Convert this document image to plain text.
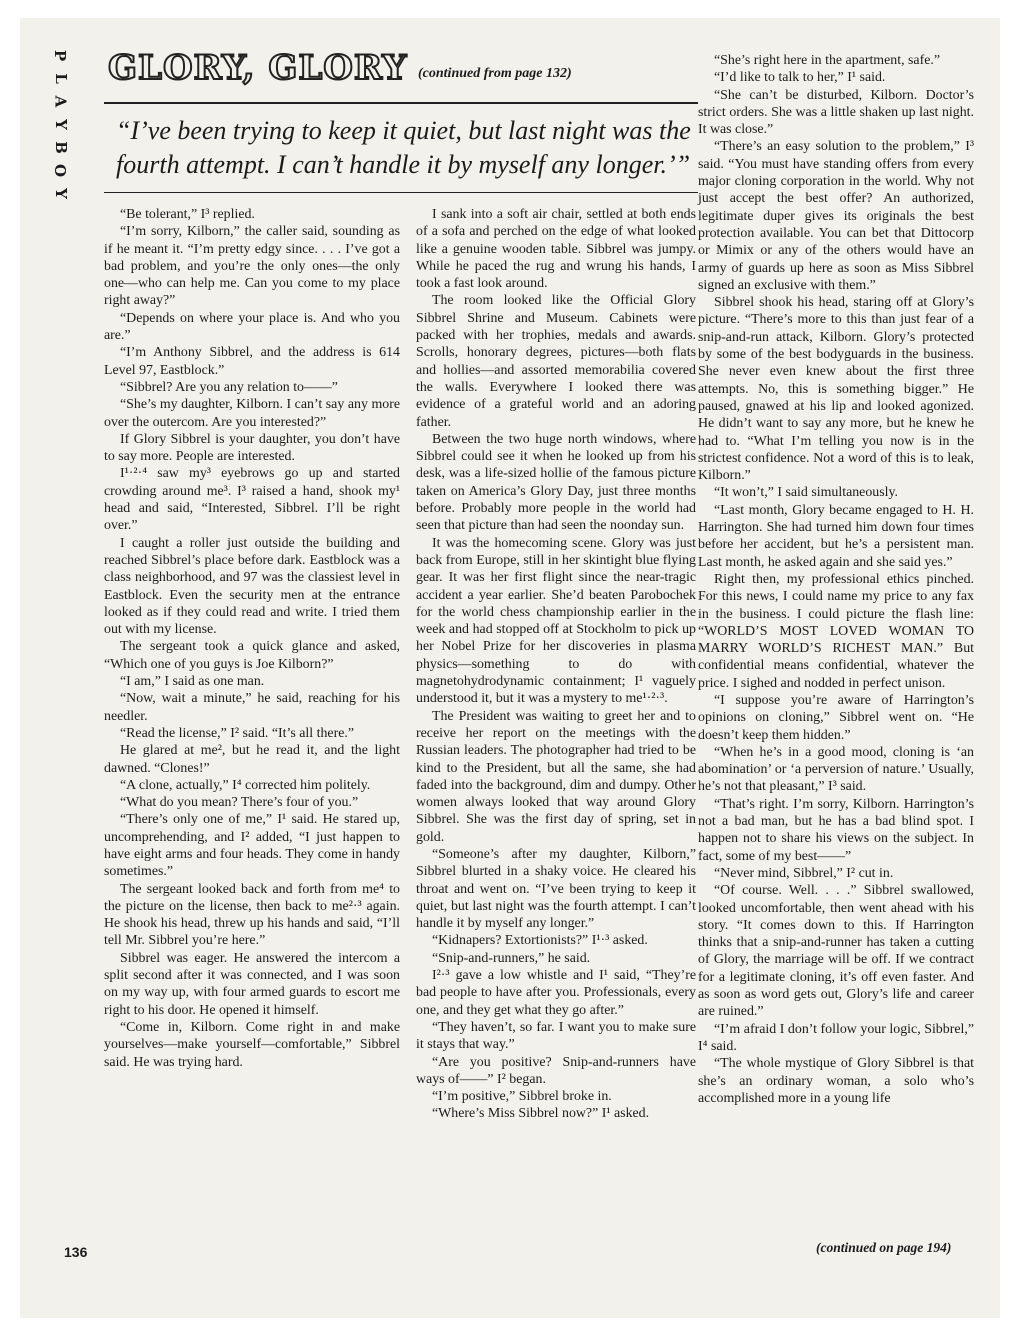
P
L
A
Y
B
O
Y
GLORY, GLORY (continued from page 132)
“I’ve been trying to keep it quiet, but last night was the fourth attempt. I can’t handle it by myself any longer.’”

“Be tolerant,” I³ replied.

“I’m sorry, Kilborn,” the caller said, sounding as if he meant it. “I’m pretty edgy since. . . . I’ve got a bad problem, and you’re the only ones—the only one—who can help me. Can you come to my place right away?”

“Depends on where your place is. And who you are.”

“I’m Anthony Sibbrel, and the address is 614 Level 97, Eastblock.”

“Sibbrel? Are you any relation to——”

“She’s my daughter, Kilborn. I can’t say any more over the outercom. Are you interested?”

If Glory Sibbrel is your daughter, you don’t have to say more. People are interested.

I¹·²·⁴ saw my³ eyebrows go up and started crowding around me³. I³ raised a hand, shook my¹ head and said, “Interested, Sibbrel. I’ll be right over.”

I caught a roller just outside the building and reached Sibbrel’s place before dark. Eastblock was a class neighborhood, and 97 was the classiest level in Eastblock. Even the security men at the entrance looked as if they could read and write. I tried them out with my license.

The sergeant took a quick glance and asked, “Which one of you guys is Joe Kilborn?”

“I am,” I said as one man.

“Now, wait a minute,” he said, reaching for his needler.

“Read the license,” I² said. “It’s all there.”

He glared at me², but he read it, and the light dawned. “Clones!”

“A clone, actually,” I⁴ corrected him politely.

“What do you mean? There’s four of you.”

“There’s only one of me,” I¹ said. He stared up, uncomprehending, and I² added, “I just happen to have eight arms and four heads. They come in handy sometimes.”

The sergeant looked back and forth from me⁴ to the picture on the license, then back to me²·³ again. He shook his head, threw up his hands and said, “I’ll tell Mr. Sibbrel you’re here.”

Sibbrel was eager. He answered the intercom a split second after it was connected, and I was soon on my way up, with four armed guards to escort me right to his door. He opened it himself.

“Come in, Kilborn. Come right in and make yourselves—make yourself—comfortable,” Sibbrel said. He was trying hard.

I sank into a soft air chair, settled at both ends of a sofa and perched on the edge of what looked like a genuine wooden table. Sibbrel was jumpy. While he paced the rug and wrung his hands, I took a fast look around.

The room looked like the Official Glory Sibbrel Shrine and Museum. Cabinets were packed with her trophies, medals and awards. Scrolls, honorary degrees, pictures—both flats and hollies—and assorted memorabilia covered the walls. Everywhere I looked there was evidence of a grateful world and an adoring father.

Between the two huge north windows, where Sibbrel could see it when he looked up from his desk, was a life-sized hollie of the famous picture taken on America’s Glory Day, just three months before. Probably more people in the world had seen that picture than had seen the noonday sun.

It was the homecoming scene. Glory was just back from Europe, still in her skintight blue flying gear. It was her first flight since the near-tragic accident a year earlier. She’d beaten Parobochek for the world chess championship earlier in the week and had stopped off at Stockholm to pick up her Nobel Prize for her discoveries in plasma physics—something to do with magnetohydrodynamic containment; I¹ vaguely understood it, but it was a mystery to me¹·²·³.

The President was waiting to greet her and to receive her report on the meetings with the Russian leaders. The photographer had tried to be kind to the President, but all the same, she had faded into the background, dim and dumpy. Other women always looked that way around Glory Sibbrel. She was the first day of spring, set in gold.

“Someone’s after my daughter, Kilborn,” Sibbrel blurted in a shaky voice. He cleared his throat and went on. “I’ve been trying to keep it quiet, but last night was the fourth attempt. I can’t handle it by myself any longer.”

“Kidnapers? Extortionists?” I¹·³ asked.

“Snip-and-runners,” he said.

I²·³ gave a low whistle and I¹ said, “They’re bad people to have after you. Professionals, every one, and they get what they go after.”

“They haven’t, so far. I want you to make sure it stays that way.”

“Are you positive? Snip-and-runners have ways of——” I² began.

“I’m positive,” Sibbrel broke in.

“Where’s Miss Sibbrel now?” I¹ asked.

“She’s right here in the apartment, safe.”

“I’d like to talk to her,” I¹ said.

“She can’t be disturbed, Kilborn. Doctor’s strict orders. She was a little shaken up last night. It was close.”

“There’s an easy solution to the problem,” I³ said. “You must have standing offers from every major cloning corporation in the world. Why not just accept the best offer? An authorized, legitimate duper gives its originals the best protection available. You can bet that Dittocorp or Mimix or any of the others would have an army of guards up here as soon as Miss Sibbrel signed an exclusive with them.”

Sibbrel shook his head, staring off at Glory’s picture. “There’s more to this than just fear of a snip-and-run attack, Kilborn. Glory’s protected by some of the best bodyguards in the business. She never even knew about the first three attempts. No, this is something bigger.” He paused, gnawed at his lip and looked agonized. He didn’t want to say any more, but he knew he had to. “What I’m telling you now is in the strictest confidence. Not a word of this is to leak, Kilborn.”

“It won’t,” I said simultaneously.

“Last month, Glory became engaged to H. H. Harrington. She had turned him down four times before her accident, but he’s a persistent man. Last month, he asked again and she said yes.”

Right then, my professional ethics pinched. For this news, I could name my price to any fax in the business. I could picture the flash line: “WORLD’S MOST LOVED WOMAN TO MARRY WORLD’S RICHEST MAN.” But confidential means confidential, whatever the price. I sighed and nodded in perfect unison.

“I suppose you’re aware of Harrington’s opinions on cloning,” Sibbrel went on. “He doesn’t keep them hidden.”

“When he’s in a good mood, cloning is ‘an abomination’ or ‘a perversion of nature.’ Usually, he’s not that pleasant,” I³ said.

“That’s right. I’m sorry, Kilborn. Harrington’s not a bad man, but he has a bad blind spot. I happen not to share his views on the subject. In fact, some of my best——”

“Never mind, Sibbrel,” I² cut in.

“Of course. Well. . . .” Sibbrel swallowed, looked uncomfortable, then went ahead with his story. “It comes down to this. If Harrington thinks that a snip-and-runner has taken a cutting of Glory, the marriage will be off. If we contract for a legitimate cloning, it’s off even faster. And as soon as word gets out, Glory’s life and career are ruined.”

“I’m afraid I don’t follow your logic, Sibbrel,” I⁴ said.

“The whole mystique of Glory Sibbrel is that she’s an ordinary woman, a solo who’s accomplished more in a young life

(continued on page 194)
136
